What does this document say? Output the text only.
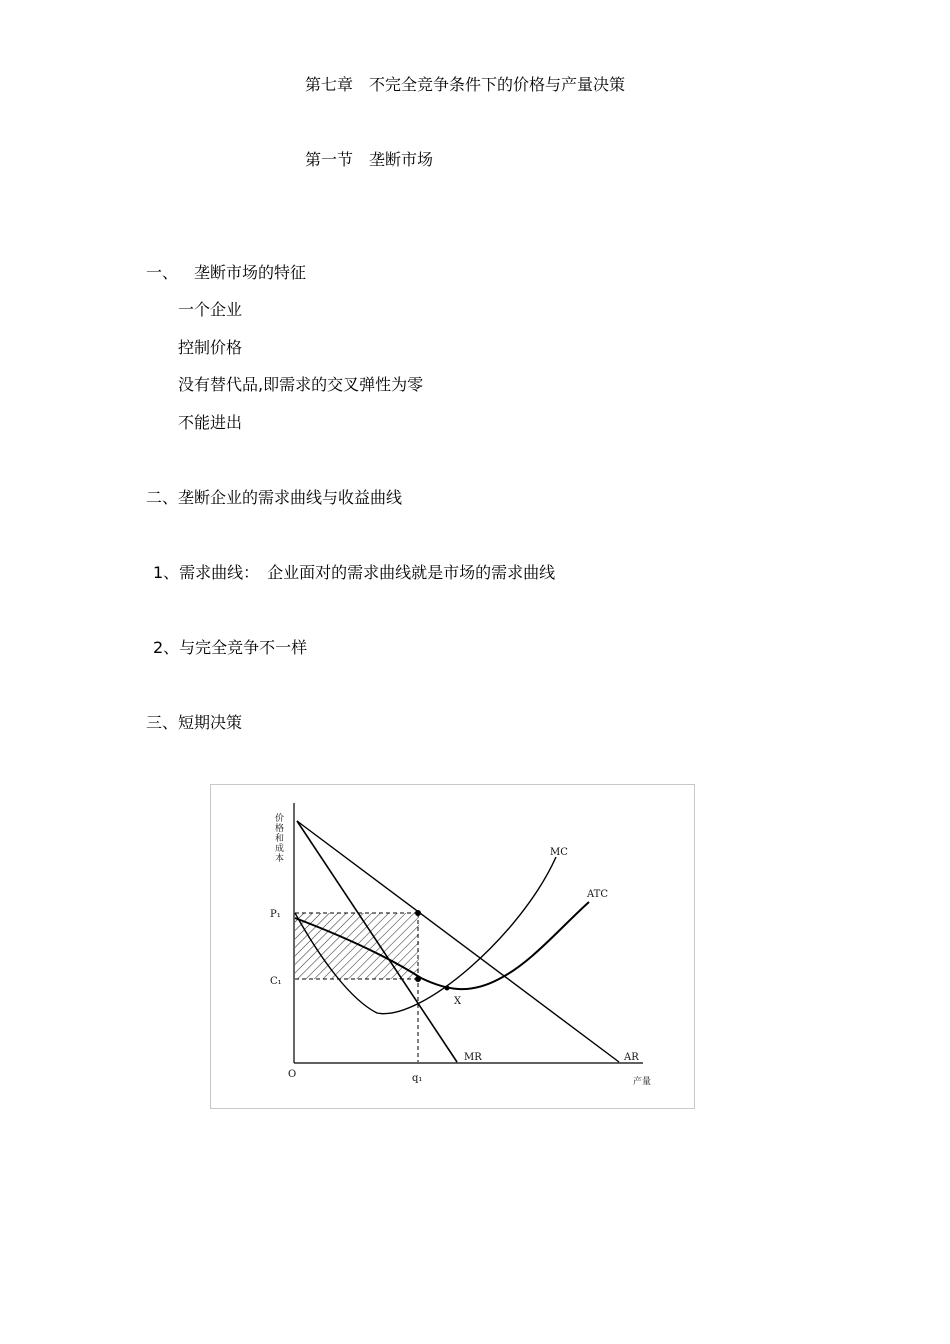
第七章　不完全竞争条件下的价格与产量决策
第一节　垄断市场
一、 垄断市场的特征
一个企业
控制价格
没有替代品,即需求的交叉弹性为零
不能进出
二、垄断企业的需求曲线与收益曲线
1、需求曲线：　企业面对的需求曲线就是市场的需求曲线
2、与完全竞争不一样
三、短期决策
价
格
和
成
本
P₁
C₁
O	q₁	产量
MC
ATC
MR	AR
X
